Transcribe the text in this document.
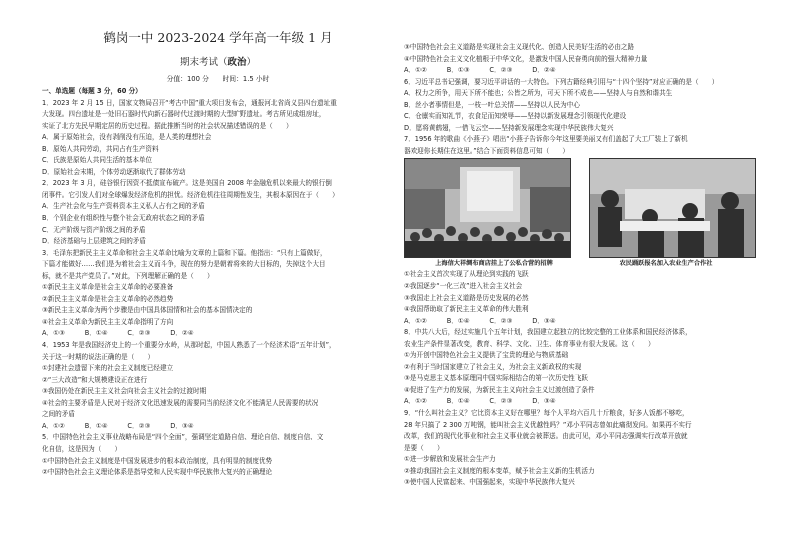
鹤岗一中 2023-2024 学年高一年级 1 月
期末考试（政治）
分值：100 分　　时间：1.5 小时
一、单选题（每题 3 分，60 分）
1．2023 年 2 月 15 日，国家文物局召开“考古中国”重大项目发布会，通报河北省尚义县四台遗址重
大发现。四台遗址是一处旧石器时代向新石器时代过渡时期的大型旷野遗址。考古所见成组房址，
实证了北方先民早期定居的历史过程。据此推断当时的社会状况描述错误的是（　　）
A．属于原始社会，没有剥削没有压迫，是人类的理想社会
B．原始人共同劳动，共同占有生产资料
C．氏族是原始人共同生活的基本单位
D．原始社会末期，个体劳动逐渐取代了群体劳动
2．2023 年 3 月，硅谷银行因资不抵债宣布破产。这是美国自 2008 年金融危机以来最大的银行倒
闭事件。它引发人们对全球爆发经济危机的担忧。经济危机往往周期性发生，其根本原因在于（　　）
A．生产社会化与生产资料资本主义私人占有之间的矛盾
B．个别企业有组织性与整个社会无政府状态之间的矛盾
C．无产阶级与资产阶级之间的矛盾
D．经济基础与上层建筑之间的矛盾
3．毛泽东把新民主主义革命和社会主义革命比喻为文章的上篇和下篇。他指出：“只有上篇做好，
下篇才能做好……我们是为着社会主义而斗争，现在的努力是朝着将来的大目标的，失掉这个大目
标，就不是共产党员了。”对此，下列理解正确的是（　　）
①新民主主义革命是社会主义革命的必要准备
②新民主主义革命是社会主义革命的必然趋势
③新民主主义革命为两个步骤是由中国具体国情和社会的基本国情决定的
④社会主义革命为新民主主义革命指明了方向
A．①③　　　B．①④　　　C．②③　　　D．②④
4．1953 年是我国经济史上的一个重要分水岭，从那时起，中国人熟悉了一个经济术语“五年计划”，
关于这一时期的说法正确的是（　　）
①封建社会遗留下来的社会主义制度已经建立
②“三大改造”和大规模建设正在进行
③我国仍处在新民主主义社会向社会主义社会的过渡时期
④社会的主要矛盾是人民对于经济文化迅速发展的需要同当前经济文化不能满足人民需要的状况
之间的矛盾
A．①②　　　B．①④　　　C．②③　　　D．③④
5．中国特色社会主义事业战略布局是“四个全面”，强调坚定道路自信、理论自信、制度自信、文
化自信，这是因为（　　）
①中国特色社会主义制度是中国发展进步的根本政治制度，具有明显的制度优势
②中国特色社会主义理论体系是指导党和人民实现中华民族伟大复兴的正确理论
③中国特色社会主义道路是实现社会主义现代化、创造人民美好生活的必由之路
④中国特色社会主义文化植根于中华文化，是激发中国人民奋勇向前的强大精神力量
A．①②　　　B．①③　　　C．②③　　　D．②④
6．习近平总书记强调，要习近平讲话的一大特色。下列古籍经典引用与“十四个坚持”对应正确的是（　　）
A．权力之所争，用天下所不能也；公皆之所为，可天下所不成也——坚持人与自然和谐共生
B．丝小者事情但是，一枝一叶总关情——坚持以人民为中心
C．仓廪实而知礼节，衣食足而知荣辱——坚持以新发展理念引领现代化建设
D．愿将黄鹤翅，一借飞云空——坚持新发展理念实现中华民族伟大复兴
7．1956 年的歌曲《小燕子》唱出“小燕子告诉你今年这里要美丽又有们盖起了大工厂装上了新机
器欢迎你长期住在这里。”结合下面资料信息可知（　　）
上海信大祥绸布商店挂上了公私合营的招牌	农民踊跃报名加入农业生产合作社
①社会主义首次实现了从理论到实践的飞跃
②我国逐步“一化三改”进入社会主义社会
③我国走上社会主义道路是历史发展的必然
④我国帮助取了新民主主义革命的伟大胜利
A．①②　　　B．①④　　　C．②③　　　D．③④
8．中共八大后，经过实施几个五年计划，我国建立起独立的比较完整的工业体系和国民经济体系，
农业生产条件显著改变，教育、科学、文化、卫生、体育事业有很大发展。这（　　）
①为开创中国特色社会主义提供了宝贵的理论与物质基础
②有利于当时国家建立了社会主义，为社会主义新政权的实现
③是马克思主义基本原理同中国实际相结合的第一次历史性飞跃
④促进了生产力的发展，为新民主主义向社会主义过渡创造了条件
A．①②　　　B．①④　　　C．②③　　　D．③④
9．“什么叫社会主义？它比资本主义好在哪里？每个人平均六百几十斤粮食，好多人饭都不够吃，
28 年只搞了 2 300 万吨钢，能叫社会主义优越性吗？”邓小平同志曾如此痛彻发问。如果再不实行
改革，我们的现代化事业和社会主义事业就会被葬送。由此可见，邓小平同志强调实行改革开放就
是要（　　）
①进一步解放和发展社会生产力
②推动我国社会主义制度的根本变革，赋予社会主义新的生机活力
③使中国人民富起来、中国强起来，实现中华民族伟大复兴
